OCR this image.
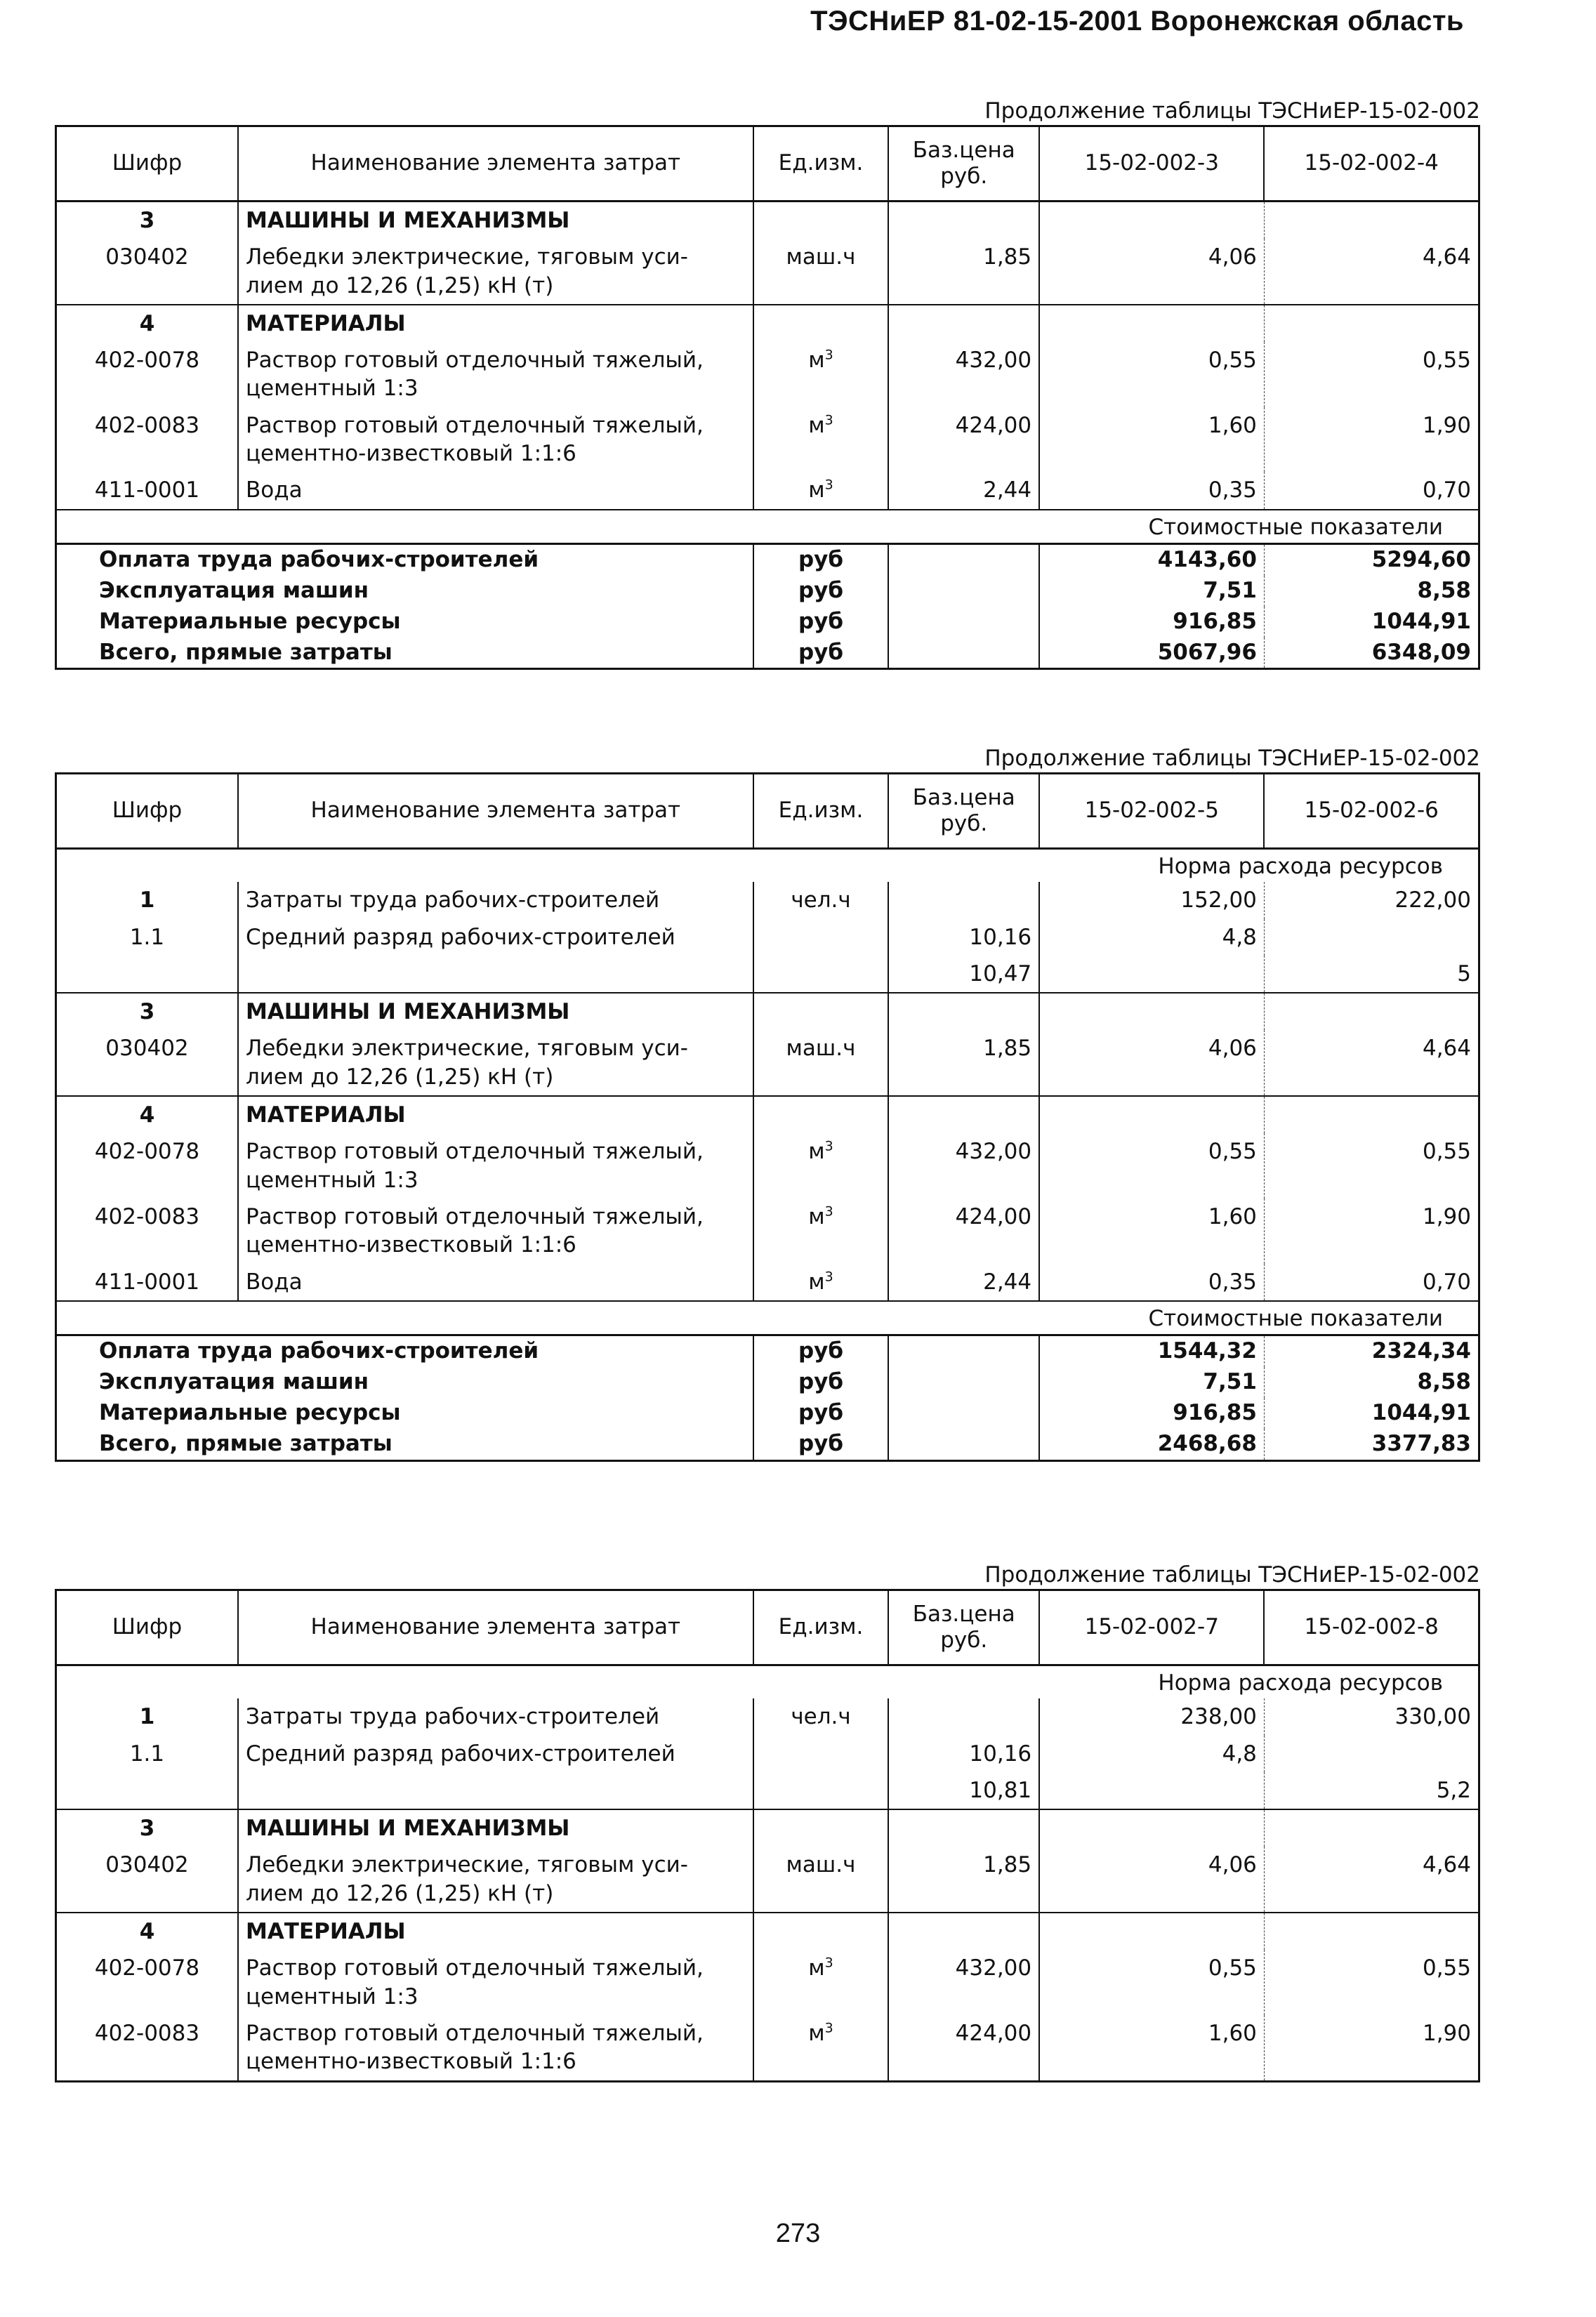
ТЭСНиЕР 81-02-15-2001 Воронежская область
Продолжение таблицы ТЭСНиЕР-15-02-002
Шифр	Наименование элемента затрат	Ед.изм.	Баз.цена руб.	15-02-002-3	15-02-002-4
3	МАШИНЫ И МЕХАНИЗМЫ				
030402	Лебедки электрические, тяговым уси-лием до 12,26 (1,25) кН (т)	маш.ч	1,85	4,06	4,64
4	МАТЕРИАЛЫ				
402-0078	Раствор готовый отделочный тяжелый, цементный 1:3	$м^3$	432,00	0,55	0,55
402-0083	Раствор готовый отделочный тяжелый, цементно-известковый 1:1:6	$м^3$	424,00	1,60	1,90
411-0001	Вода	$м^3$	2,44	0,35	0,70
Стоимостные показатели					
Оплата труда рабочих-строителей		руб		4143,60	5294,60
Эксплуатация машин		руб		7,51	8,58
Материальные ресурсы		руб		916,85	1044,91
Всего, прямые затраты		руб		5067,96	6348,09
Продолжение таблицы ТЭСНиЕР-15-02-002
Шифр	Наименование элемента затрат	Ед.изм.	Баз.цена руб.	15-02-002-5	15-02-002-6
Норма расхода ресурсов					
1	Затраты труда рабочих-строителей	чел.ч		152,00	222,00
1.1	Средний разряд рабочих-строителей		10,16	4,8	
			10,47		5
3	МАШИНЫ И МЕХАНИЗМЫ				
030402	Лебедки электрические, тяговым уси-лием до 12,26 (1,25) кН (т)	маш.ч	1,85	4,06	4,64
4	МАТЕРИАЛЫ				
402-0078	Раствор готовый отделочный тяжелый, цементный 1:3	$м^3$	432,00	0,55	0,55
402-0083	Раствор готовый отделочный тяжелый, цементно-известковый 1:1:6	$м^3$	424,00	1,60	1,90
411-0001	Вода	$м^3$	2,44	0,35	0,70
Стоимостные показатели					
Оплата труда рабочих-строителей		руб		1544,32	2324,34
Эксплуатация машин		руб		7,51	8,58
Материальные ресурсы		руб		916,85	1044,91
Всего, прямые затраты		руб		2468,68	3377,83
Продолжение таблицы ТЭСНиЕР-15-02-002
Шифр	Наименование элемента затрат	Ед.изм.	Баз.цена руб.	15-02-002-7	15-02-002-8
Норма расхода ресурсов					
1	Затраты труда рабочих-строителей	чел.ч		238,00	330,00
1.1	Средний разряд рабочих-строителей		10,16	4,8	
			10,81		5,2
3	МАШИНЫ И МЕХАНИЗМЫ				
030402	Лебедки электрические, тяговым уси-лием до 12,26 (1,25) кН (т)	маш.ч	1,85	4,06	4,64
4	МАТЕРИАЛЫ				
402-0078	Раствор готовый отделочный тяжелый, цементный 1:3	$м^3$	432,00	0,55	0,55
402-0083	Раствор готовый отделочный тяжелый, цементно-известковый 1:1:6	$м^3$	424,00	1,60	1,90
273
